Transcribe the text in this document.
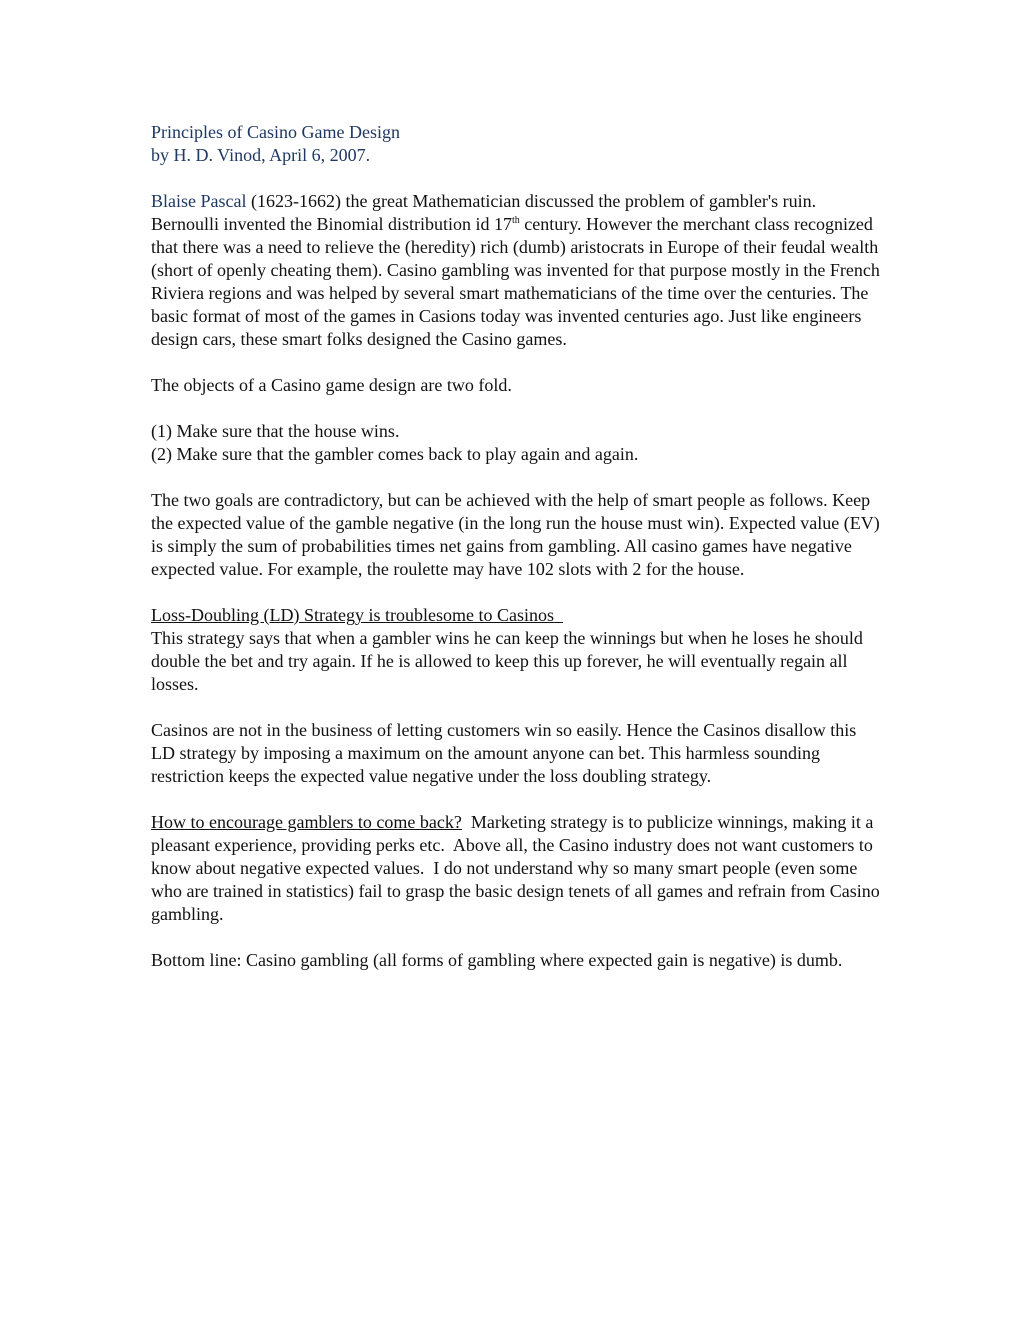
Principles of Casino Game Design
by H. D. Vinod, April 6, 2007.

Blaise Pascal (1623-1662) the great Mathematician discussed the problem of gambler's ruin. Bernoulli invented the Binomial distribution id 17th century. However the merchant class recognized that there was a need to relieve the (heredity) rich (dumb) aristocrats in Europe of their feudal wealth (short of openly cheating them). Casino gambling was invented for that purpose mostly in the French Riviera regions and was helped by several smart mathematicians of the time over the centuries. The basic format of most of the games in Casions today was invented centuries ago. Just like engineers design cars, these smart folks designed the Casino games.

The objects of a Casino game design are two fold.

(1) Make sure that the house wins.
(2) Make sure that the gambler comes back to play again and again.

The two goals are contradictory, but can be achieved with the help of smart people as follows. Keep the expected value of the gamble negative (in the long run the house must win). Expected value (EV) is simply the sum of probabilities times net gains from gambling. All casino games have negative expected value. For example, the roulette may have 102 slots with 2 for the house.

Loss-Doubling (LD) Strategy is troublesome to Casinos
This strategy says that when a gambler wins he can keep the winnings but when he loses he should double the bet and try again. If he is allowed to keep this up forever, he will eventually regain all losses.

Casinos are not in the business of letting customers win so easily. Hence the Casinos disallow this LD strategy by imposing a maximum on the amount anyone can bet. This harmless sounding restriction keeps the expected value negative under the loss doubling strategy.

How to encourage gamblers to come back?  Marketing strategy is to publicize winnings, making it a pleasant experience, providing perks etc.  Above all, the Casino industry does not want customers to know about negative expected values.  I do not understand why so many smart people (even some who are trained in statistics) fail to grasp the basic design tenets of all games and refrain from Casino gambling.

Bottom line: Casino gambling (all forms of gambling where expected gain is negative) is dumb.
